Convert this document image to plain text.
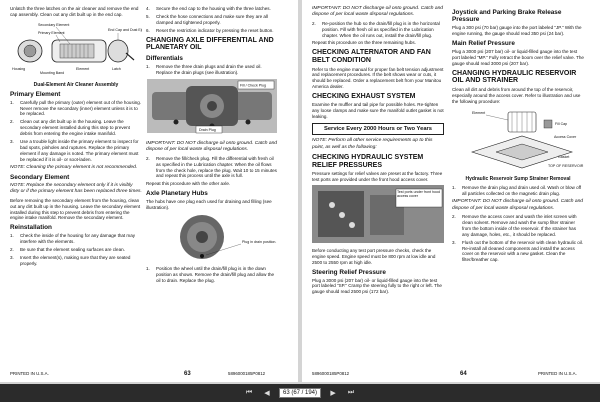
Unlatch the three latches on the air cleaner and remove the end cap assembly. Clean out any dirt built up in the end cap.

Secondary Element
Primary Element
Housing
Mounting Band
Element
End Cap and Dust E
Latch
Dual-Element Air Cleaner Assembly
Primary Element
1. Carefully pull the primary (outer) element out of the housing. Never remove the secondary (inner) element unless it is to be replaced.
2. Clean out any dirt built up in the housing. Leave the secondary element installed during this step to prevent debris from entering the engine intake manifold.
3. Use a trouble light inside the primary element to inspect for bad spots, pinholes and ruptures. Replace the primary element if any damage is noted. The primary element must be replaced if it is oil- or soot-laden.

NOTE: Cleaning the primary element is not recommended.

Secondary Element

NOTE: Replace the secondary element only if it is visibly dirty or if the primary element has been replaced three times.

Before removing the secondary element from the housing, clean out any dirt built up in the housing. Leave the secondary element installed during this step to prevent debris from entering the engine intake manifold. Remove the secondary element.

Reinstallation
1. Check the inside of the housing for any damage that may interfere with the elements.
2. Be sure that the element sealing surfaces are clean.
3. Insert the element(s), making sure that they are seated properly.
4. Secure the end cap to the housing with the three latches.
5. Check the hose connections and make sure they are all clamped and tightened properly.
6. Reset the restriction indicator by pressing the reset button.
CHANGING AXLE DIFFERENTIAL AND PLANETARY OIL
Differentials
1. Remove the three drain plugs and drain the used oil. Replace the drain plugs (see illustration).
Fill / Check Plug
Drain Plug

IMPORTANT: DO NOT discharge oil onto ground. Catch and dispose of per local waste disposal regulations.

2. Remove the fill/check plug. Fill the differential with fresh oil as specified in the Lubrication chapter. When the oil flows from the check hole, replace the plug. Wait 10 to 15 minutes and repeat this process until the axle is full.

Repeat this procedure with the other axle.

Axle Planetary Hubs

The hubs have one plug each used for draining and filling (see illustration).

Plug in drain position.
1. Position the wheel until the drain/fill plug is in the down position as shown. Remove the drain/fill plug and allow the oil to drain. Replace the plug.
PRINTED IN U.S.A.	63	5896000185P0812

IMPORTANT: DO NOT discharge oil onto ground. Catch and dispose of per local waste disposal regulations.

2. Re-position the hub so the drain/fill plug is in the horizontal position. Fill with fresh oil as specified in the Lubrication chapter. When the oil runs out, install the drain/fill plug.

Repeat this procedure on the three remaining hubs.

CHECKING ALTERNATOR AND FAN BELT CONDITION

Refer to the engine manual for proper fan belt tension adjustment and replacement procedures. If the belt shows wear or cuts, it should be replaced. Order a replacement belt from your Manitou America dealer.

CHECKING EXHAUST SYSTEM

Examine the muffler and tail pipe for possible holes. Re-tighten any loose clamps and make sure the manifold outlet gasket is not leaking.

Service Every 2000 Hours or Two Years

NOTE: Perform all other service requirements up to this point, as well as the following:

CHECKING HYDRAULIC SYSTEM RELIEF PRESSURES

Pressure settings for relief valves are preset at the factory. Three test ports are provided under the front hood access cover.

Test ports under front hood access cover

Before conducting any test port pressure checks, check the engine speed. Engine speed must be 800 rpm at low idle and 2500 to 2550 rpm at high idle.

Steering Relief Pressure

Plug a 3000 psi (207 bar) oil- or liquid-filled gauge into the test port labeled "SP." Cramp the steering fully to the right or left. The gauge should read 2500 psi (172 bar).

Joystick and Parking Brake Release Pressure

Plug a 300 psi (70 bar) gauge into the port labeled "JP." With the engine running, the gauge should read 350 psi (24 bar).

Main Relief Pressure

Plug a 3000 psi (207 bar) oil- or liquid-filled gauge into the test port labeled "MP." Fully retract the boom over the relief valve. The gauge should read 3000 psi (207 bar).

CHANGING HYDRAULIC RESERVOIR OIL AND STRAINER

Clean all dirt and debris from around the top of the reservoir, especially around the access cover. Refer to illustration and use the following procedure:

Element
Fill Cap
Access Cover
Gasket
TOP OF RESERVOIR
Hydraulic Reservoir Sump Strainer Removal
1. Remove the drain plug and drain used oil. Wash or blow off all particles collected on the magnetic drain plug.

IMPORTANT: DO NOT discharge oil onto ground. Catch and dispose of per local waste disposal regulations.

2. Remove the access cover and wash the inlet screen with clean solvent. Remove and wash the sump filter strainer from the bottom inside of the reservoir. If the strainer has any damage, holes, etc., it should be replaced.
3. Flush out the bottom of the reservoir with clean hydraulic oil. Re-install all cleaned components and install the access cover on the reservoir with a new gasket. Clean the filter/breather cap.
5896000185P0812	64	PRINTED IN U.S.A.
⏮	◀	63 (67 / 194)	▶	⏭
